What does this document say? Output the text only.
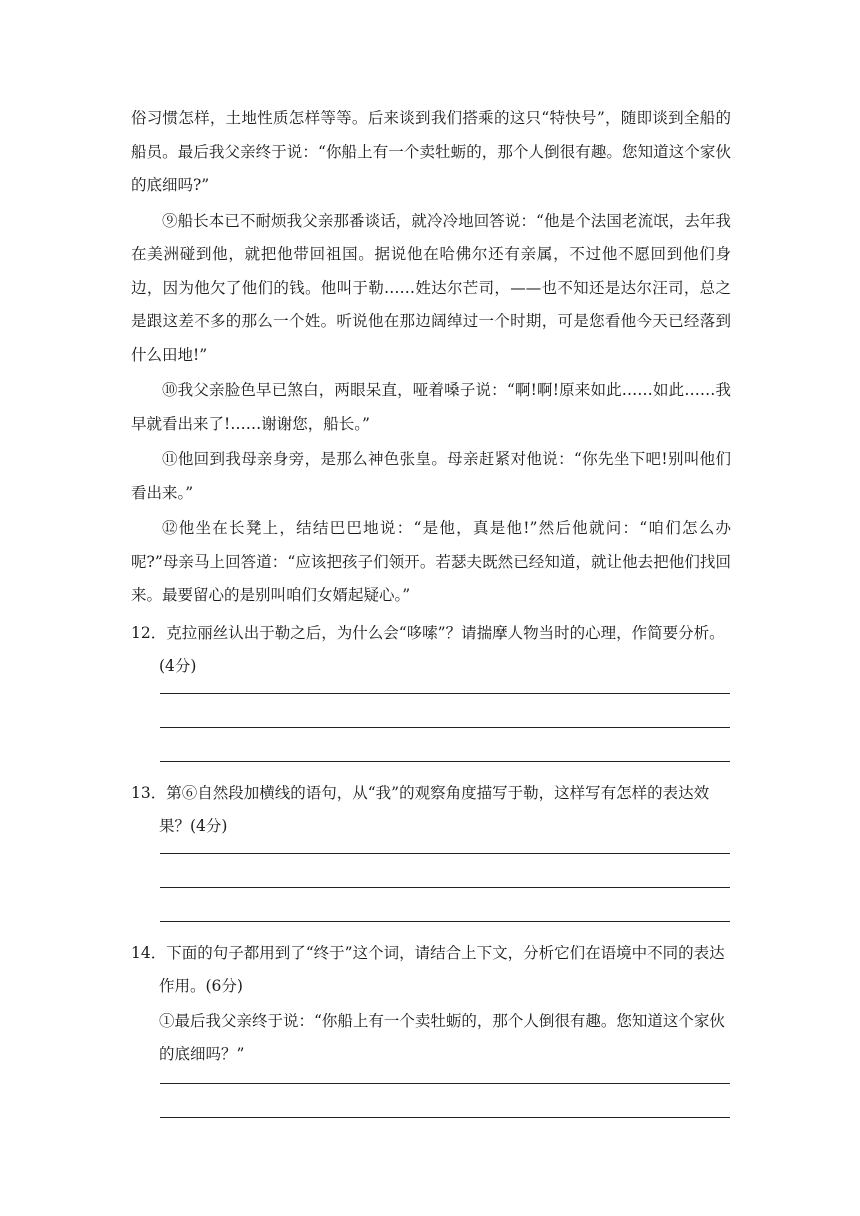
俗习惯怎样，土地性质怎样等等。后来谈到我们搭乘的这只“特快号”，随即谈到全船的船员。最后我父亲终于说：“你船上有一个卖牡蛎的，那个人倒很有趣。您知道这个家伙的底细吗?”

⑨船长本已不耐烦我父亲那番谈话，就冷冷地回答说：“他是个法国老流氓，去年我在美洲碰到他，就把他带回祖国。据说他在哈佛尔还有亲属，不过他不愿回到他们身边，因为他欠了他们的钱。他叫于勒……姓达尔芒司，——也不知还是达尔汪司，总之是跟这差不多的那么一个姓。听说他在那边阔绰过一个时期，可是您看他今天已经落到什么田地!”

⑩我父亲脸色早已煞白，两眼呆直，哑着嗓子说：“啊!啊!原来如此……如此……我早就看出来了!……谢谢您，船长。”

⑪他回到我母亲身旁，是那么神色张皇。母亲赶紧对他说：“你先坐下吧!别叫他们看出来。”

⑫他坐在长凳上，结结巴巴地说：“是他，真是他!”然后他就问：“咱们怎么办呢?”母亲马上回答道：“应该把孩子们领开。若瑟夫既然已经知道，就让他去把他们找回来。最要留心的是别叫咱们女婿起疑心。”

12．克拉丽丝认出于勒之后，为什么会“哆嗦”？请揣摩人物当时的心理，作简要分析。(4分)

13．第⑥自然段加横线的语句，从“我”的观察角度描写于勒，这样写有怎样的表达效果？(4分)

14．下面的句子都用到了“终于”这个词，请结合上下文，分析它们在语境中不同的表达作用。(6分)

①最后我父亲终于说：“你船上有一个卖牡蛎的，那个人倒很有趣。您知道这个家伙的底细吗？”
